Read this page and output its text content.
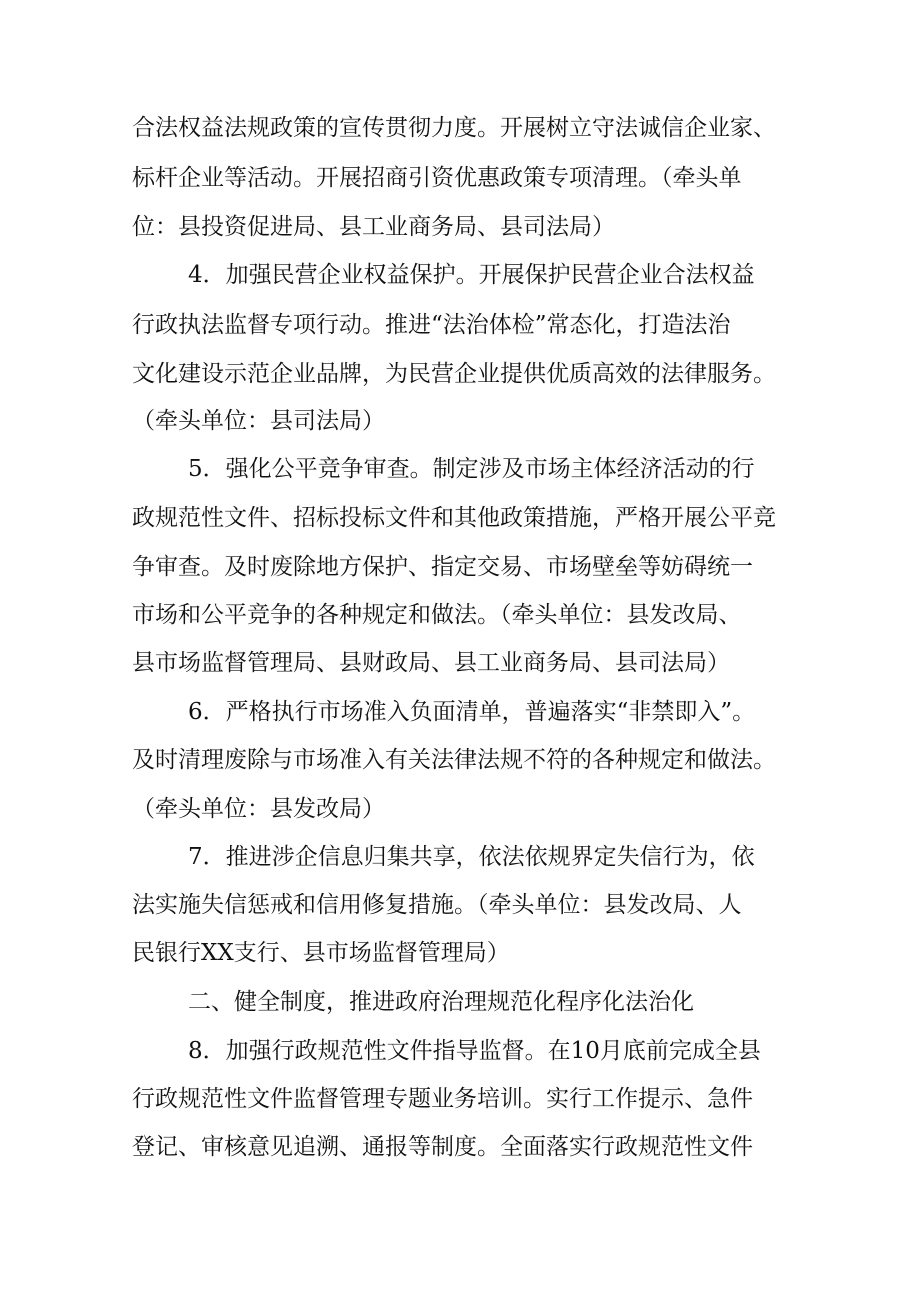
合法权益法规政策的宣传贯彻力度。开展树立守法诚信企业家、
标杆企业等活动。开展招商引资优惠政策专项清理。（牵头单
位：县投资促进局、县工业商务局、县司法局）
4．加强民营企业权益保护。开展保护民营企业合法权益
行政执法监督专项行动。推进“法治体检”常态化，打造法治
文化建设示范企业品牌，为民营企业提供优质高效的法律服务。
（牵头单位：县司法局）
5．强化公平竞争审查。制定涉及市场主体经济活动的行
政规范性文件、招标投标文件和其他政策措施，严格开展公平竞
争审查。及时废除地方保护、指定交易、市场壁垒等妨碍统一
市场和公平竞争的各种规定和做法。（牵头单位：县发改局、
县市场监督管理局、县财政局、县工业商务局、县司法局）
6．严格执行市场准入负面清单，普遍落实“非禁即入”。
及时清理废除与市场准入有关法律法规不符的各种规定和做法。
（牵头单位：县发改局）
7．推进涉企信息归集共享，依法依规界定失信行为，依
法实施失信惩戒和信用修复措施。（牵头单位：县发改局、人
民银行XX支行、县市场监督管理局）
二、健全制度，推进政府治理规范化程序化法治化
8．加强行政规范性文件指导监督。在10月底前完成全县
行政规范性文件监督管理专题业务培训。实行工作提示、急件
登记、审核意见追溯、通报等制度。全面落实行政规范性文件
